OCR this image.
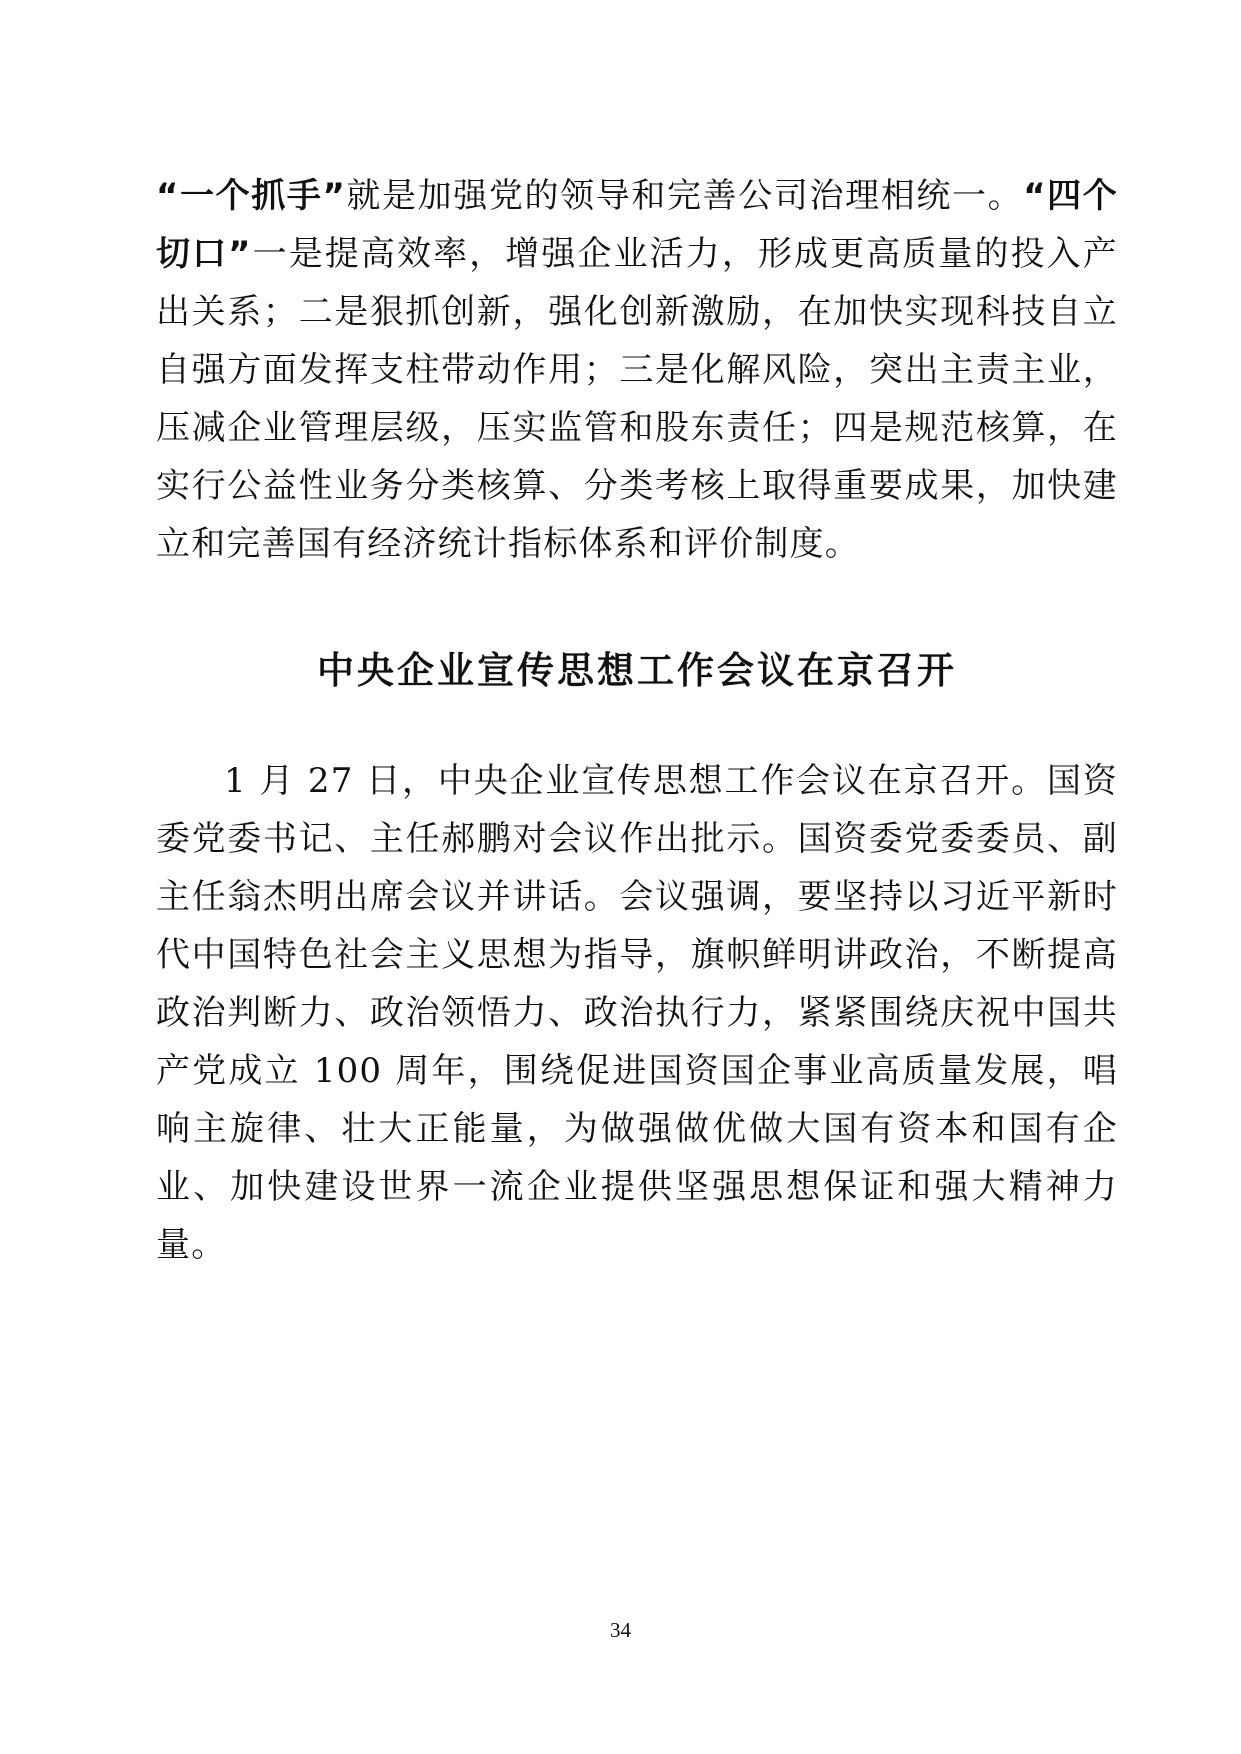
“一个抓手”就是加强党的领导和完善公司治理相统一。“四个切口”一是提高效率，增强企业活力，形成更高质量的投入产出关系；二是狠抓创新，强化创新激励，在加快实现科技自立自强方面发挥支柱带动作用；三是化解风险，突出主责主业，压减企业管理层级，压实监管和股东责任；四是规范核算，在实行公益性业务分类核算、分类考核上取得重要成果，加快建立和完善国有经济统计指标体系和评价制度。

中央企业宣传思想工作会议在京召开

1 月 27 日，中央企业宣传思想工作会议在京召开。国资委党委书记、主任郝鹏对会议作出批示。国资委党委委员、副主任翁杰明出席会议并讲话。会议强调，要坚持以习近平新时代中国特色社会主义思想为指导，旗帜鲜明讲政治，不断提高政治判断力、政治领悟力、政治执行力，紧紧围绕庆祝中国共产党成立 100 周年，围绕促进国资国企事业高质量发展，唱响主旋律、壮大正能量，为做强做优做大国有资本和国有企业、加快建设世界一流企业提供坚强思想保证和强大精神力量。

34
